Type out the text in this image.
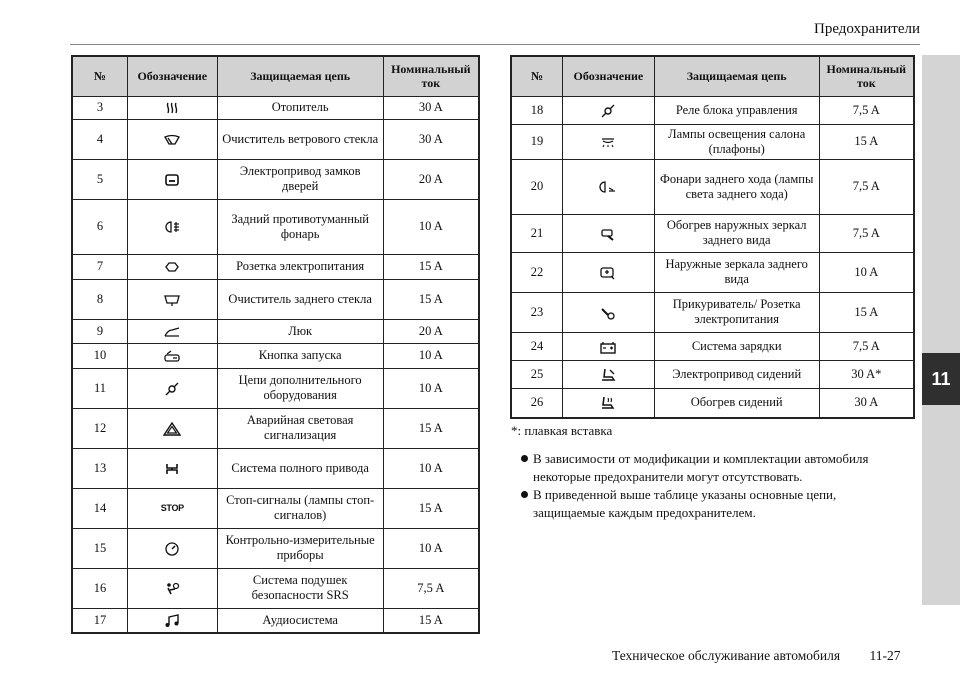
Предохранители
11
№	Обозначение	Защищаемая цепь	Номинальный ток
3		Отопитель	30 A
4		Очиститель ветрового стекла	30 A
5		Электропривод замков дверей	20 A
6		Задний противотуманный фонарь	10 A
7		Розетка электропитания	15 A
8		Очиститель заднего стекла	15 A
9		Люк	20 A
10		Кнопка запуска	10 A
11		Цепи дополнительного оборудования	10 A
12		Аварийная световая сигнализация	15 A
13		Система полного привода	10 A
14	STOP	Стоп-сигналы (лампы стоп-сигналов)	15 A
15		Контрольно-измерительные приборы	10 A
16		Система подушек безопасности SRS	7,5 A
17		Аудиосистема	15 A
№	Обозначение	Защищаемая цепь	Номинальный ток
18		Реле блока управления	7,5 A
19		Лампы освещения салона (плафоны)	15 A
20		Фонари заднего хода (лампы света заднего хода)	7,5 A
21		Обогрев наружных зеркал заднего вида	7,5 A
22		Наружные зеркала заднего вида	10 A
23		Прикуриватель/ Розетка электропитания	15 A
24		Система зарядки	7,5 A
25		Электропривод сидений	30 A*
26		Обогрев сидений	30 A
*: плавкая вставка
В зависимости от модификации и комплектации автомобиля некоторые предохранители могут отсутствовать.
В приведенной выше таблице указаны основные цепи, защищаемые каждым предохранителем.
Техническое обслуживание автомобиля 11-27
